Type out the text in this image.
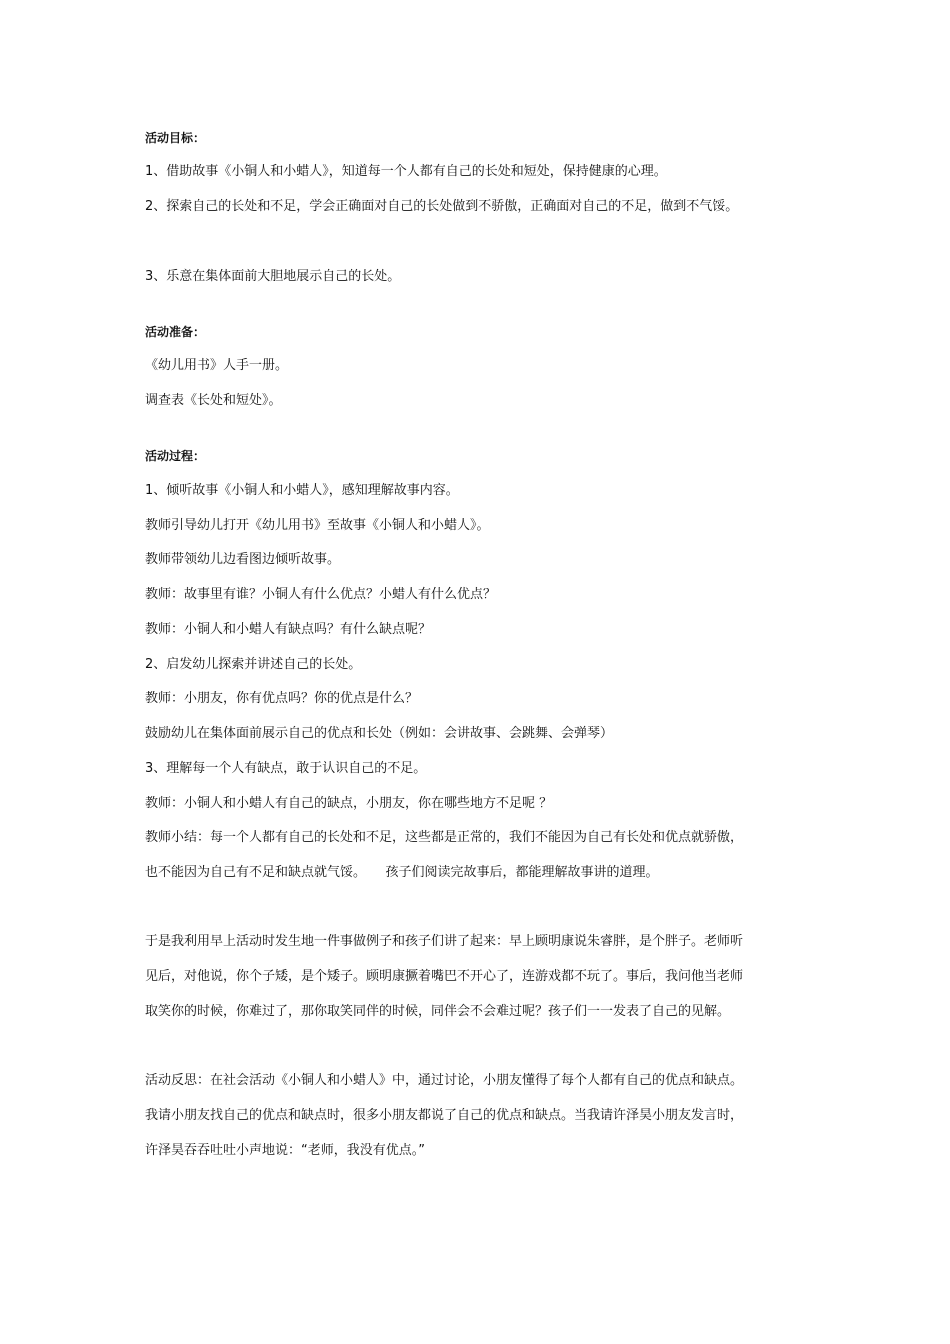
活动目标：
1、借助故事《小铜人和小蜡人》，知道每一个人都有自己的长处和短处，保持健康的心理。
2、探索自己的长处和不足，学会正确面对自己的长处做到不骄傲，正确面对自己的不足，做到不气馁。
3、乐意在集体面前大胆地展示自己的长处。
活动准备：
《幼儿用书》人手一册。
调查表《长处和短处》。
活动过程：
1、倾听故事《小铜人和小蜡人》，感知理解故事内容。
教师引导幼儿打开《幼儿用书》至故事《小铜人和小蜡人》。
教师带领幼儿边看图边倾听故事。
教师：故事里有谁？小铜人有什么优点？小蜡人有什么优点？
教师：小铜人和小蜡人有缺点吗？有什么缺点呢？
2、启发幼儿探索并讲述自己的长处。
教师：小朋友，你有优点吗？你的优点是什么？
鼓励幼儿在集体面前展示自己的优点和长处（例如：会讲故事、会跳舞、会弹琴）
3、理解每一个人有缺点，敢于认识自己的不足。
教师：小铜人和小蜡人有自己的缺点，小朋友，你在哪些地方不足呢 ？
教师小结：每一个人都有自己的长处和不足，这些都是正常的，我们不能因为自己有长处和优点就骄傲，
也不能因为自己有不足和缺点就气馁。　　孩子们阅读完故事后，都能理解故事讲的道理。
于是我利用早上活动时发生地一件事做例子和孩子们讲了起来：早上顾明康说朱睿胖，是个胖子。老师听
见后，对他说，你个子矮，是个矮子。顾明康撅着嘴巴不开心了，连游戏都不玩了。事后，我问他当老师
取笑你的时候，你难过了，那你取笑同伴的时候，同伴会不会难过呢？孩子们一一发表了自己的见解。
活动反思：在社会活动《小铜人和小蜡人》中，通过讨论，小朋友懂得了每个人都有自己的优点和缺点。
我请小朋友找自己的优点和缺点时，很多小朋友都说了自己的优点和缺点。当我请许泽昊小朋友发言时，
许泽昊吞吞吐吐小声地说：“老师，我没有优点。”
